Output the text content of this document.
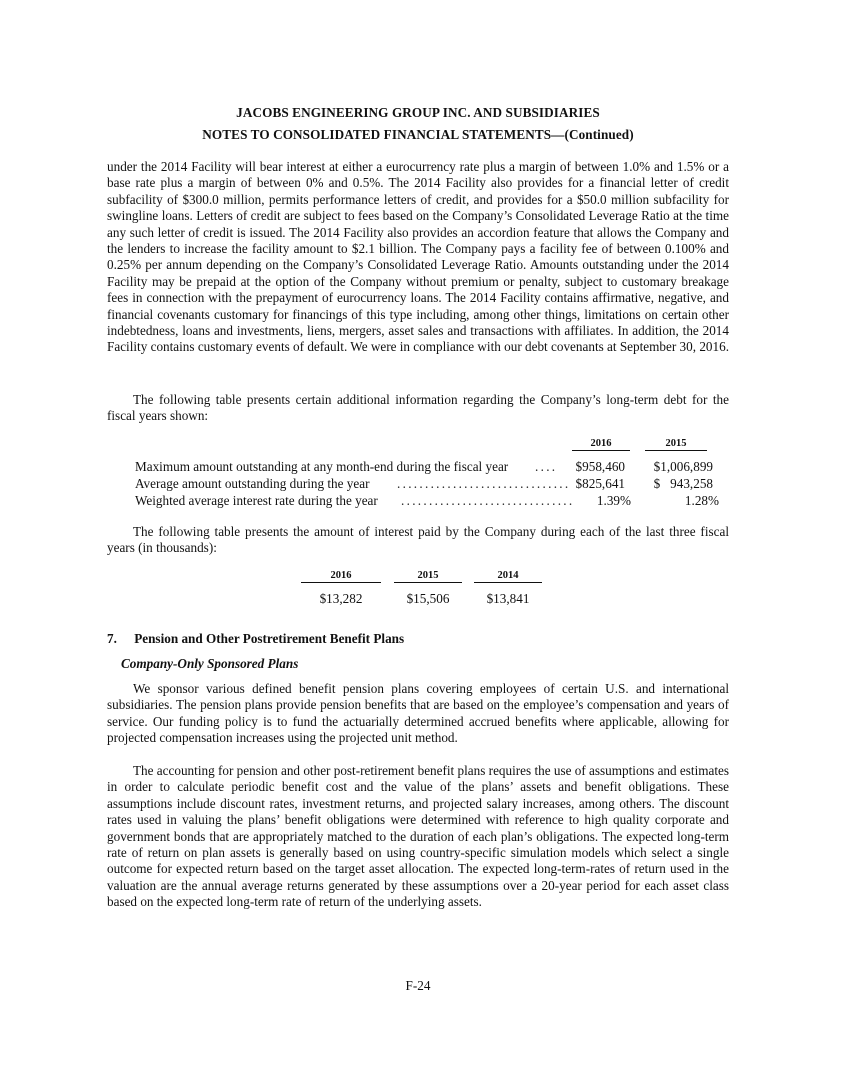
JACOBS ENGINEERING GROUP INC. AND SUBSIDIARIES
NOTES TO CONSOLIDATED FINANCIAL STATEMENTS—(Continued)

under the 2014 Facility will bear interest at either a eurocurrency rate plus a margin of between 1.0% and 1.5% or a base rate plus a margin of between 0% and 0.5%. The 2014 Facility also provides for a financial letter of credit subfacility of $300.0 million, permits performance letters of credit, and provides for a $50.0 million subfacility for swingline loans. Letters of credit are subject to fees based on the Company’s Consolidated Leverage Ratio at the time any such letter of credit is issued. The 2014 Facility also provides an accordion feature that allows the Company and the lenders to increase the facility amount to $2.1 billion. The Company pays a facility fee of between 0.100% and 0.25% per annum depending on the Company’s Consolidated Leverage Ratio. Amounts outstanding under the 2014 Facility may be prepaid at the option of the Company without premium or penalty, subject to customary breakage fees in connection with the prepayment of eurocurrency loans. The 2014 Facility contains affirmative, negative, and financial covenants customary for financings of this type including, among other things, limitations on certain other indebtedness, loans and investments, liens, mergers, asset sales and transactions with affiliates. In addition, the 2014 Facility contains customary events of default. We were in compliance with our debt covenants at September 30, 2016.

The following table presents certain additional information regarding the Company’s long-term debt for the fiscal years shown:

2016	2015
Maximum amount outstanding at any month-end during the fiscal year ....	$958,460	$1,006,899
Average amount outstanding during the year ............................... $825,641	$   943,258
Weighted average interest rate during the year ...............................	1.39%	1.28%

The following table presents the amount of interest paid by the Company during each of the last three fiscal years (in thousands):

2016	2015	2014
$13,282	$15,506	$13,841
7. Pension and Other Postretirement Benefit Plans
Company-Only Sponsored Plans

We sponsor various defined benefit pension plans covering employees of certain U.S. and international subsidiaries. The pension plans provide pension benefits that are based on the employee’s compensation and years of service. Our funding policy is to fund the actuarially determined accrued benefits where applicable, allowing for projected compensation increases using the projected unit method.

The accounting for pension and other post-retirement benefit plans requires the use of assumptions and estimates in order to calculate periodic benefit cost and the value of the plans’ assets and benefit obligations. These assumptions include discount rates, investment returns, and projected salary increases, among others. The discount rates used in valuing the plans’ benefit obligations were determined with reference to high quality corporate and government bonds that are appropriately matched to the duration of each plan’s obligations. The expected long-term rate of return on plan assets is generally based on using country-specific simulation models which select a single outcome for expected return based on the target asset allocation. The expected long-term-rates of return used in the valuation are the annual average returns generated by these assumptions over a 20-year period for each asset class based on the expected long-term rate of return of the underlying assets.

F-24
